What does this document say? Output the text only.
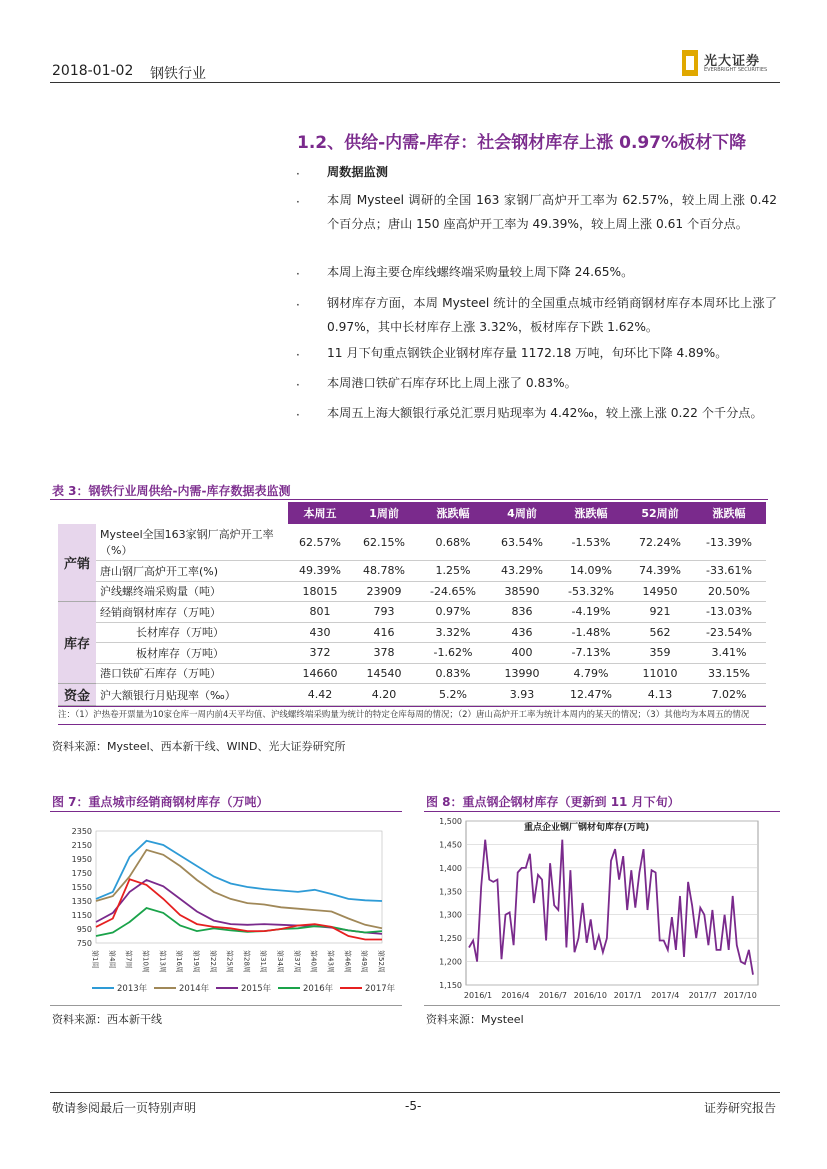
2018-01-02 钢铁行业
光大证券
EVERBRIGHT SECURITIES
1.2、供给-内需-库存：社会钢材库存上涨 0.97%板材下降
· 周数据监测
· 本周 Mysteel 调研的全国 163 家钢厂高炉开工率为 62.57%，较上周上涨 0.42 个百分点；唐山 150 座高炉开工率为 49.39%，较上周上涨 0.61 个百分点。
· 本周上海主要仓库线螺终端采购量较上周下降 24.65%。
· 钢材库存方面，本周 Mysteel 统计的全国重点城市经销商钢材库存本周环比上涨了 0.97%，其中长材库存上涨 3.32%，板材库存下跌 1.62%。
· 11 月下旬重点钢铁企业钢材库存量 1172.18 万吨，旬环比下降 4.89%。
· 本周港口铁矿石库存环比上周上涨了 0.83%。
· 本周五上海大额银行承兑汇票月贴现率为 4.42‰，较上涨上涨 0.22 个千分点。
表 3：钢铁行业周供给-内需-库存数据表监测
		本周五	1周前	涨跌幅	4周前	涨跌幅	52周前	涨跌幅
产销	Mysteel全国163家钢厂高炉开工率（%）	62.57%	62.15%	0.68%	63.54%	-1.53%	72.24%	-13.39%
	唐山钢厂高炉开工率(%)	49.39%	48.78%	1.25%	43.29%	14.09%	74.39%	-33.61%
	沪线螺终端采购量（吨）	18015	23909	-24.65%	38590	-53.32%	14950	20.50%
库存	经销商钢材库存（万吨）	801	793	0.97%	836	-4.19%	921	-13.03%
	长材库存（万吨）	430	416	3.32%	436	-1.48%	562	-23.54%
	板材库存（万吨）	372	378	-1.62%	400	-7.13%	359	3.41%
	港口铁矿石库存（万吨）	14660	14540	0.83%	13990	4.79%	11010	33.15%
资金	沪大额银行月贴现率（‰）	4.42	4.20	5.2%	3.93	12.47%	4.13	7.02%
注：（1）沪热卷开票量为10家仓库一周内前4天平均值、沪线螺终端采购量为统计的特定仓库每周的情况；（2）唐山高炉开工率为统计本周内的某天的情况；（3）其他均为本周五的情况
资料来源：Mysteel、西本新干线、WIND、光大证券研究所
图 7：重点城市经销商钢材库存（万吨）
750
950
1150
1350
1550
1750
1950
2150
2350
第1周 第4周 第7周 第10周 第13周 第16周 第19周 第22周 第25周 第28周 第31周 第34周 第37周 第40周 第43周 第46周 第49周 第52周
2013年	2014年	2015年	2016年	2017年
资料来源：西本新干线
图 8：重点钢企钢材库存（更新到 11 月下旬）
1,150
1,200
1,250
1,300
1,350
1,400
1,450
1,500
2016/1 2016/4 2016/7 2016/10 2017/1 2017/4 2017/7 2017/10
重点企业钢厂钢材旬库存(万吨)
资料来源：Mysteel
敬请参阅最后一页特别声明	-5-	证券研究报告
